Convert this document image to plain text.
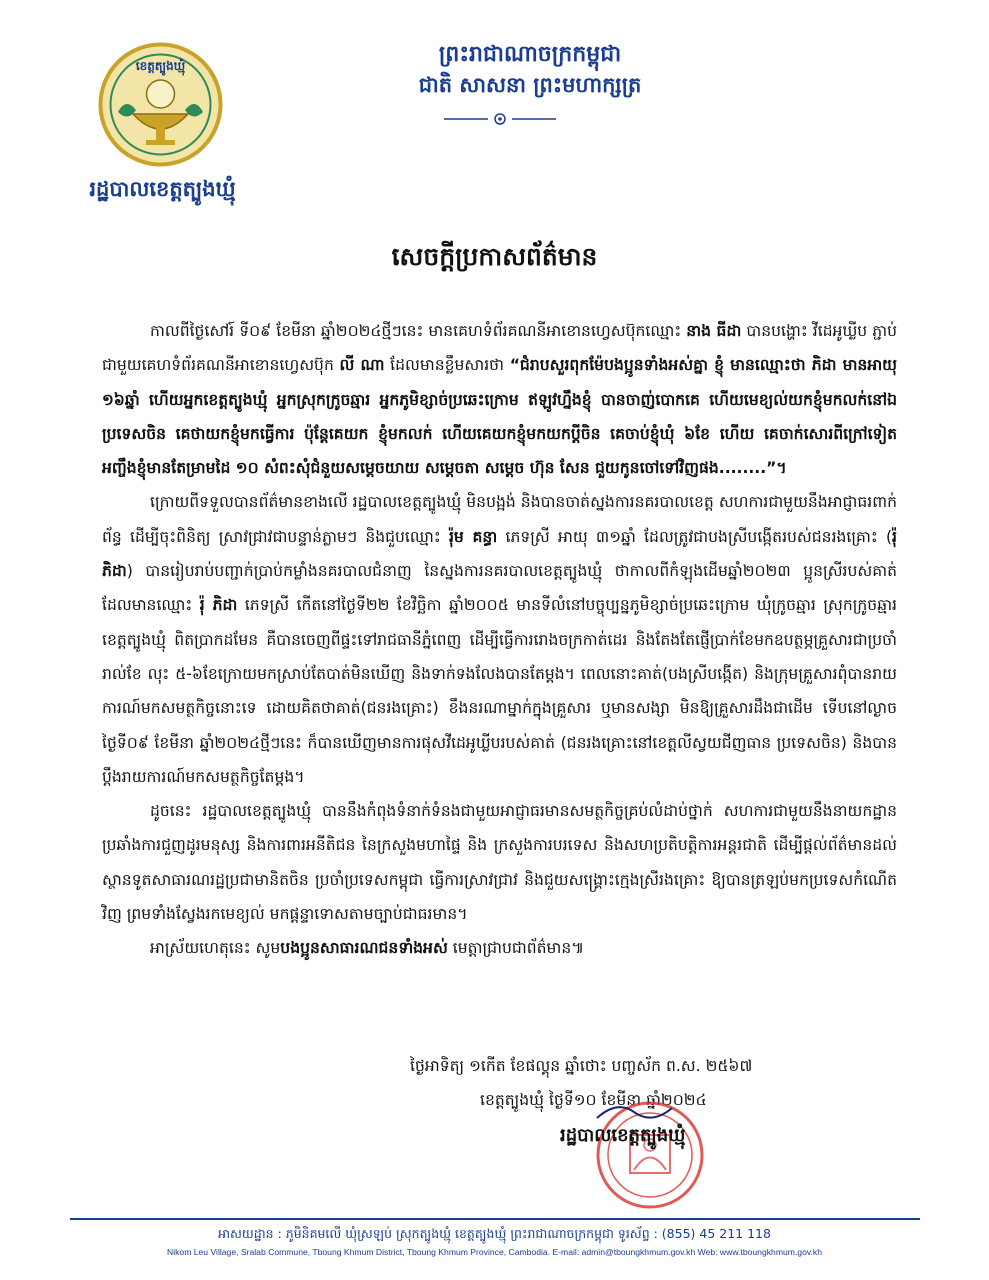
ខេត្តត្បូងឃ្មុំ
រដ្ឋបាលខេត្តត្បូងឃ្មុំ
ព្រះរាជាណាចក្រកម្ពុជា
ជាតិ សាសនា ព្រះមហាក្សត្រ
សេចក្តីប្រកាសព័ត៌មាន

កាលពីថ្ងៃសៅរ៍ ទី០៩ ខែមីនា ឆ្នាំ២០២៤ថ្មីៗនេះ មានគេហទំព័រគណនីអាខោនហ្វេសប៊ុកឈ្មោះ នាង ធីដា បានបង្ហោះ វីដេអូឃ្លីប ភ្ជាប់ជាមួយគេហទំព័រគណនីអាខោនហ្វេសប៊ុក លី ណា ដែលមានខ្លឹមសារថា “ជំរាបសួរពុកម៉ែបងប្អូនទាំងអស់គ្នា ខ្ញុំ មានឈ្មោះថា ភិដា មានអាយុ ១៦ឆ្នាំ ហើយអ្នកខេត្តត្បូងឃ្មុំ អ្នកស្រុកក្រូចឆ្មារ អ្នកភូមិខ្សាច់ប្រឆេះក្រោម ឥឡូវហ្នឹងខ្ញុំ បានចាញ់បោកគេ ហើយមេខ្យល់យកខ្ញុំមកលក់នៅឯប្រទេសចិន គេថាយកខ្ញុំមកធ្វើការ ប៉ុន្តែគេយក ខ្ញុំមកលក់ ហើយគេយកខ្ញុំមកយកប្តីចិន គេចាប់ខ្ញុំឃុំ ៦ខែ ហើយ គេចាក់សោរពីក្រៅទៀត អញ្ចឹងខ្ញុំមានតែម្រាមដៃ ១០ សំពះសុំជំនួយសម្តេចយាយ សម្តេចតា សម្តេច ហ៊ុន សែន ជួយកូនចៅទៅវិញផង........”។

ក្រោយពីទទួលបានព័ត៌មានខាងលើ រដ្ឋបាលខេត្តត្បូងឃ្មុំ មិនបង្អង់ និងបានចាត់ស្នងការនគរបាលខេត្ត សហការជាមួយនឹងអាជ្ញាធរពាក់ព័ន្ធ ដើម្បីចុះពិនិត្យ ស្រាវជ្រាវជាបន្ទាន់ភ្លាមៗ និងជួបឈ្មោះ រ៉ុម គន្ធា ភេទស្រី អាយុ ៣១ឆ្នាំ ដែលត្រូវជាបងស្រីបង្កើតរបស់ជនរងគ្រោះ (រ៉ុ ភិដា) បានរៀបរាប់បញ្ជាក់ប្រាប់កម្លាំងនគរបាលជំនាញ នៃស្នងការនគរបាលខេត្តត្បូងឃ្មុំ ថាកាលពីកំឡុងដើមឆ្នាំ២០២៣ ប្អូនស្រីរបស់គាត់ ដែលមានឈ្មោះ រ៉ុ ភិដា ភេទស្រី កើតនៅថ្ងៃទី២២ ខែវិច្ឆិកា ឆ្នាំ២០០៥ មានទីលំនៅបច្ចុប្បន្នភូមិខ្សាច់ប្រឆេះក្រោម ឃុំក្រូចឆ្មារ ស្រុកក្រូចឆ្មារ ខេត្តត្បូងឃ្មុំ ពិតប្រាកដមែន គឺបានចេញពីផ្ទះទៅរាជធានីភ្នំពេញ ដើម្បីធ្វើការរោងចក្រកាត់ដេរ និងតែងតែផ្ញើប្រាក់ខែមកឧបត្ថម្ភគ្រួសារជាប្រចាំរាល់ខែ លុះ ៥-៦ខែក្រោយមកស្រាប់តែបាត់មិនឃើញ និងទាក់ទងលែងបានតែម្តង។ ពេលនោះគាត់(បងស្រីបង្កើត) និងក្រុមគ្រួសារពុំបានរាយការណ៍មកសមត្ថកិច្ចនោះទេ ដោយគិតថាគាត់(ជនរងគ្រោះ) ខឹងនរណាម្នាក់ក្នុងគ្រួសារ ឬមានសង្សា មិនឱ្យគ្រួសារដឹងជាដើម ទើបនៅល្ងាចថ្ងៃទី០៩ ខែមីនា ឆ្នាំ២០២៤ថ្មីៗនេះ ក៏បានឃើញមានការផុសវីដេអូឃ្លីបរបស់គាត់ (ជនរងគ្រោះនៅខេត្តលីស្វយជីញធាន ប្រទេសចិន) និងបានប្តឹងរាយការណ៍មកសមត្ថកិច្ចតែម្តង។

ដូចនេះ រដ្ឋបាលខេត្តត្បូងឃ្មុំ បាននឹងកំពុងទំនាក់ទំនងជាមួយអាជ្ញាធរមានសមត្ថកិច្ចគ្រប់លំដាប់ថ្នាក់ សហការជាមួយនឹងនាយកដ្ឋានប្រឆាំងការជួញដូរមនុស្ស និងការពារអនីតិជន នៃក្រសួងមហាផ្ទៃ និង ក្រសួងការបរទេស និងសហប្រតិបត្តិការអន្តរជាតិ ដើម្បីផ្តល់ព័ត៌មានដល់ស្ថានទូតសាធារណរដ្ឋប្រជាមានិតចិន ប្រចាំប្រទេសកម្ពុជា ធ្វើការស្រាវជ្រាវ និងជួយសង្គ្រោះក្មេងស្រីរងគ្រោះ ឱ្យបានត្រឡប់មកប្រទេសកំណើតវិញ ព្រមទាំងស្វែងរកមេខ្យល់ មកផ្តន្ទាទោសតាមច្បាប់ជាធរមាន។

អាស្រ័យហេតុនេះ សូមបងប្អូនសាធារណជនទាំងអស់ មេត្តាជ្រាបជាព័ត៌មាន៕

ថ្ងៃអាទិត្យ ១កើត ខែផល្គុន ឆ្នាំថោះ បញ្ចស័ក ព.ស. ២៥៦៧
ខេត្តត្បូងឃ្មុំ ថ្ងៃទី១០ ខែមីនា ឆ្នាំ២០២៤
រដ្ឋបាលខេត្តត្បូងឃ្មុំ
អាសយដ្ឋាន : ភូមិនិគមលើ ឃុំស្រឡប់ ស្រុកត្បូងឃ្មុំ ខេត្តត្បូងឃ្មុំ ព្រះរាជាណាចក្រកម្ពុជា ទូរស័ព្ទ : (855) 45 211 118
Nikom Leu Village, Sralab Commune, Tboung Khmum District, Tboung Khmum Province, Cambodia. E-mail: admin@tboungkhmum.gov.kh Web: www.tboungkhmum.gov.kh
